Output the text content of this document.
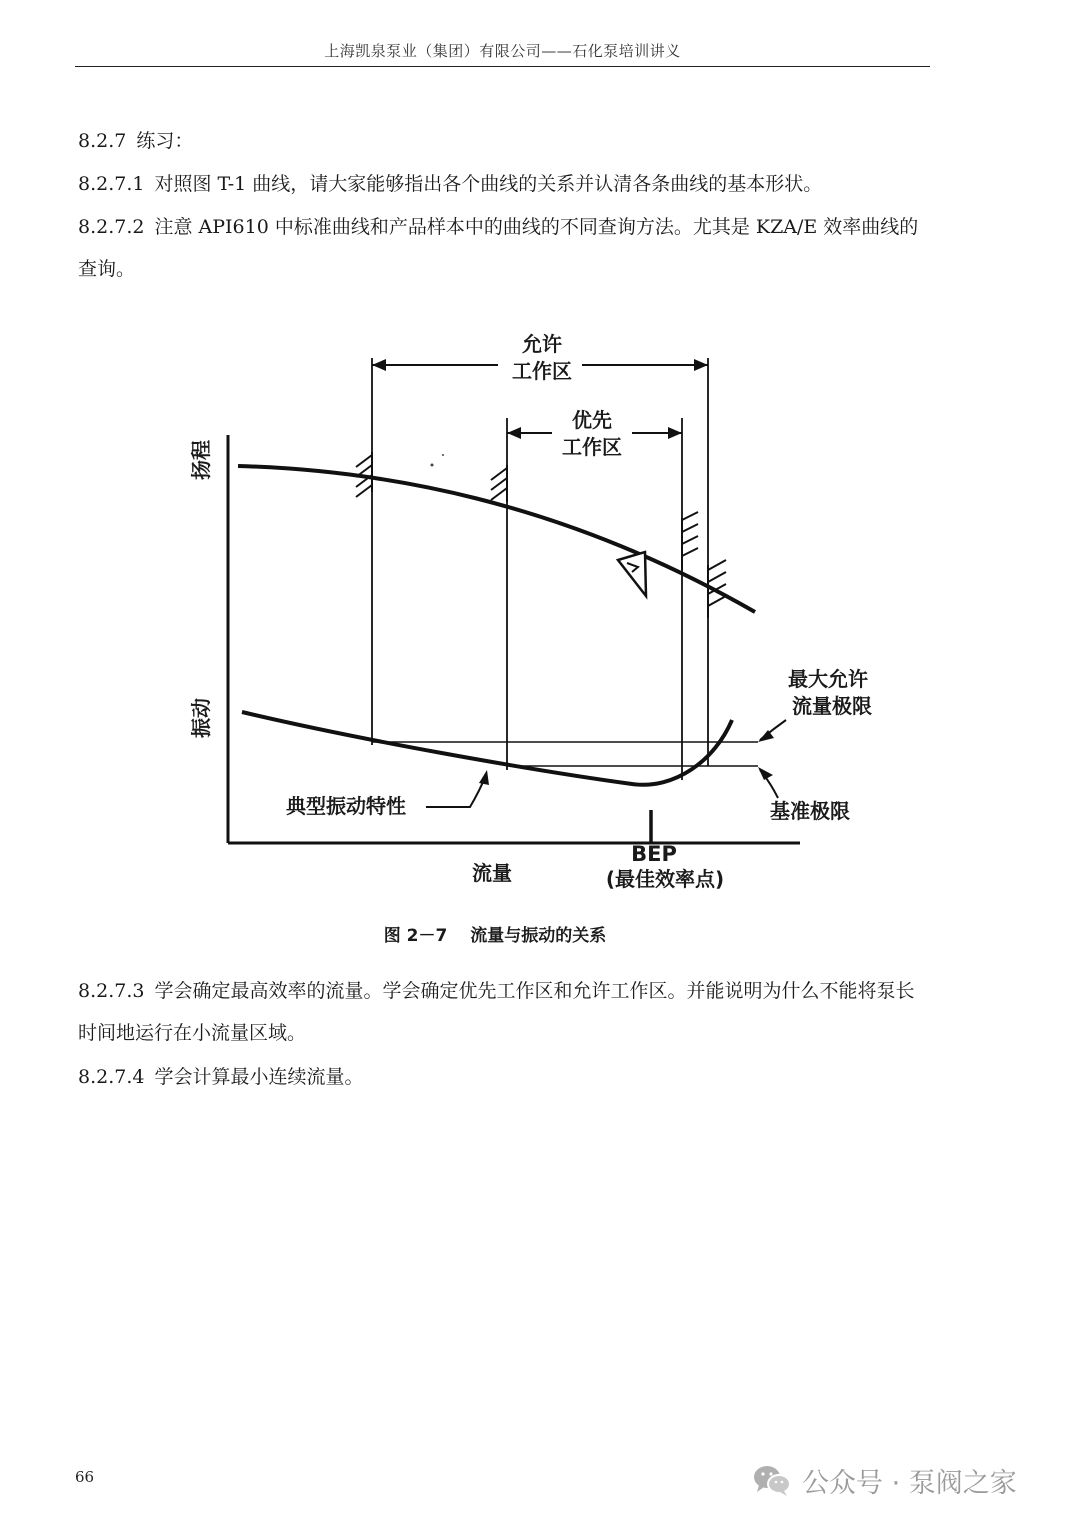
上海凯泉泵业（集团）有限公司——石化泵培训讲义
8.2.7 练习：
8.2.7.1 对照图 T-1 曲线，请大家能够指出各个曲线的关系并认清各条曲线的基本形状。
8.2.7.2 注意 API610 中标准曲线和产品样本中的曲线的不同查询方法。尤其是 KZA/E 效率曲线的查询。
允许
工作区
优先
工作区
扬程
振动
流量
最大允许
流量极限
基准极限
典型振动特性
BEP
(最佳效率点)
图 2－7　 流量与振动的关系
8.2.7.3 学会确定最高效率的流量。学会确定优先工作区和允许工作区。并能说明为什么不能将泵长时间地运行在小流量区域。
8.2.7.4 学会计算最小连续流量。
66	公众号 · 泵阀之家
